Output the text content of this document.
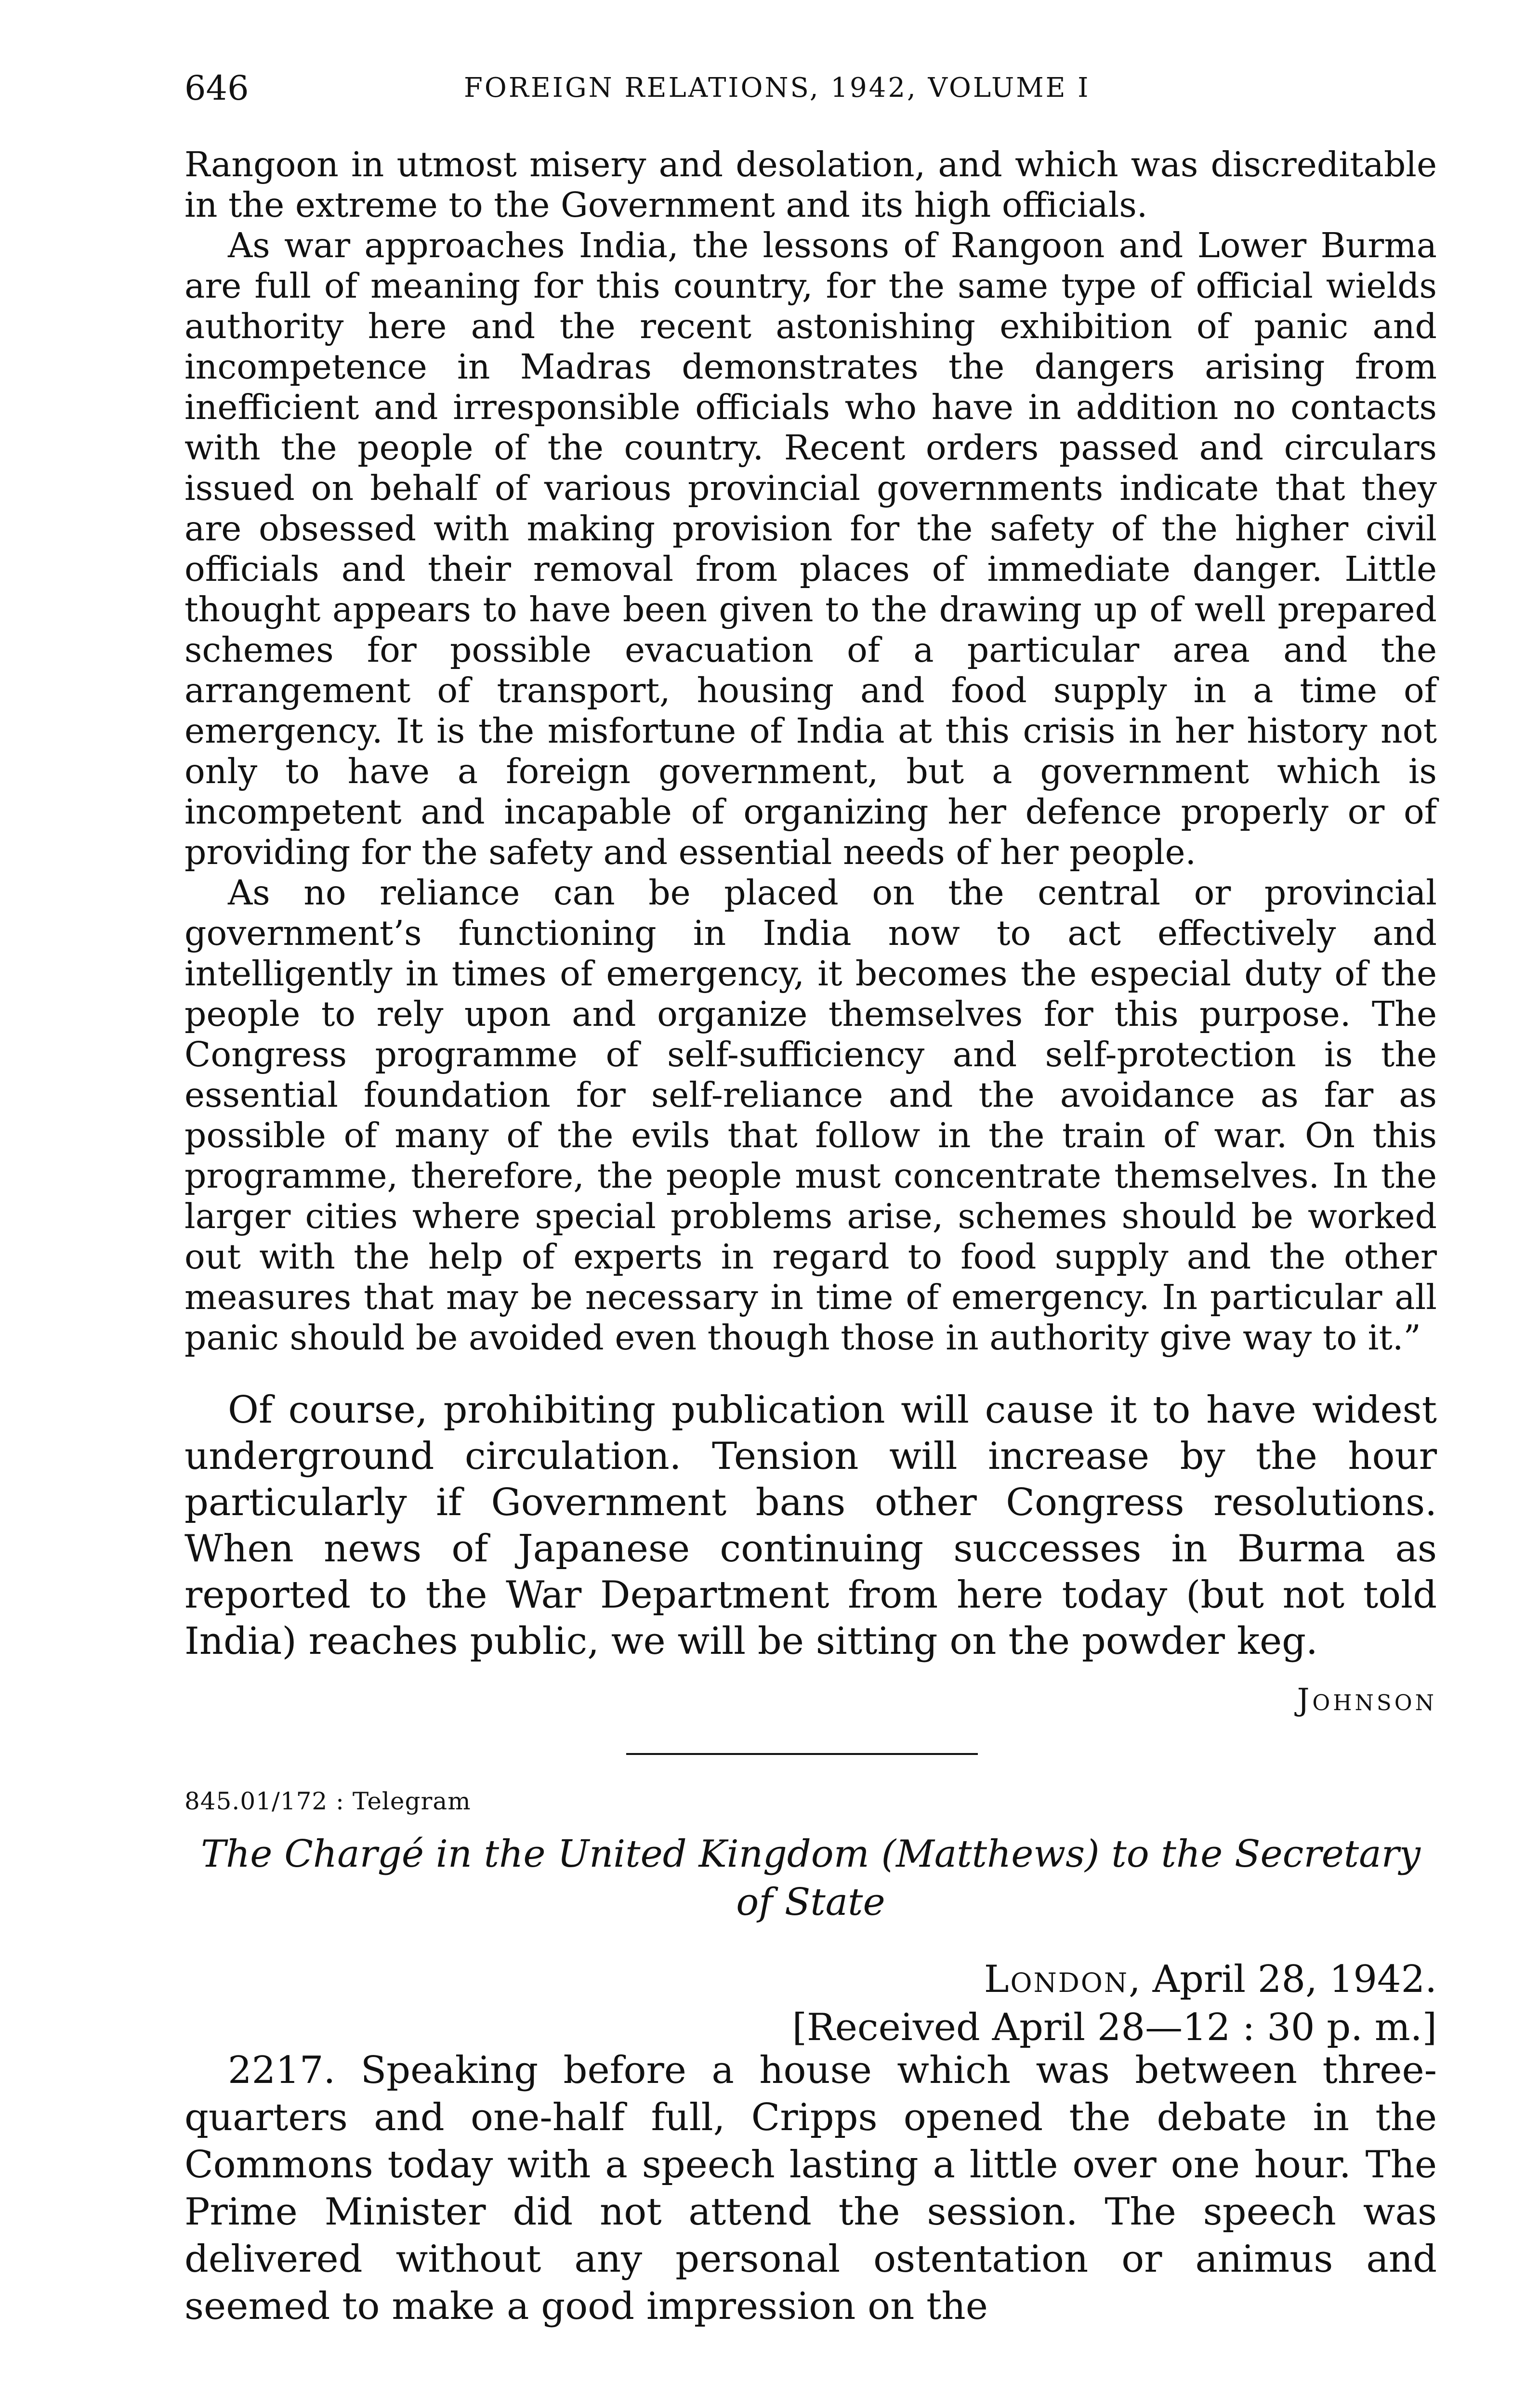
646	FOREIGN RELATIONS, 1942, VOLUME I

Rangoon in utmost misery and desolation, and which was discreditable in the extreme to the Government and its high officials.

As war approaches India, the lessons of Rangoon and Lower Burma are full of meaning for this country, for the same type of official wields authority here and the recent astonishing exhibition of panic and incompetence in Madras demonstrates the dangers arising from inefficient and irresponsible officials who have in addition no contacts with the people of the country. Recent orders passed and circulars issued on behalf of various provincial governments indicate that they are obsessed with making provision for the safety of the higher civil officials and their removal from places of immediate danger. Little thought appears to have been given to the drawing up of well prepared schemes for possible evacuation of a particular area and the arrangement of transport, housing and food supply in a time of emergency. It is the misfortune of India at this crisis in her history not only to have a foreign government, but a government which is incompetent and incapable of organizing her defence properly or of providing for the safety and essential needs of her people.

As no reliance can be placed on the central or provincial government’s functioning in India now to act effectively and intelligently in times of emergency, it becomes the especial duty of the people to rely upon and organize themselves for this purpose. The Congress programme of self-sufficiency and self-protection is the essential foundation for self-reliance and the avoidance as far as possible of many of the evils that follow in the train of war. On this programme, therefore, the people must concentrate themselves. In the larger cities where special problems arise, schemes should be worked out with the help of experts in regard to food supply and the other measures that may be necessary in time of emergency. In particular all panic should be avoided even though those in authority give way to it.”

Of course, prohibiting publication will cause it to have widest underground circulation. Tension will increase by the hour particularly if Government bans other Congress resolutions. When news of Japanese continuing successes in Burma as reported to the War Department from here today (but not told India) reaches public, we will be sitting on the powder keg.

Johnson
845.01/172 : Telegram
The Chargé in the United Kingdom (Matthews) to the Secretary of State
London, April 28, 1942.
[Received April 28—12 : 30 p. m.]

2217. Speaking before a house which was between three-quarters and one-half full, Cripps opened the debate in the Commons today with a speech lasting a little over one hour. The Prime Minister did not attend the session. The speech was delivered without any personal ostentation or animus and seemed to make a good impression on the
